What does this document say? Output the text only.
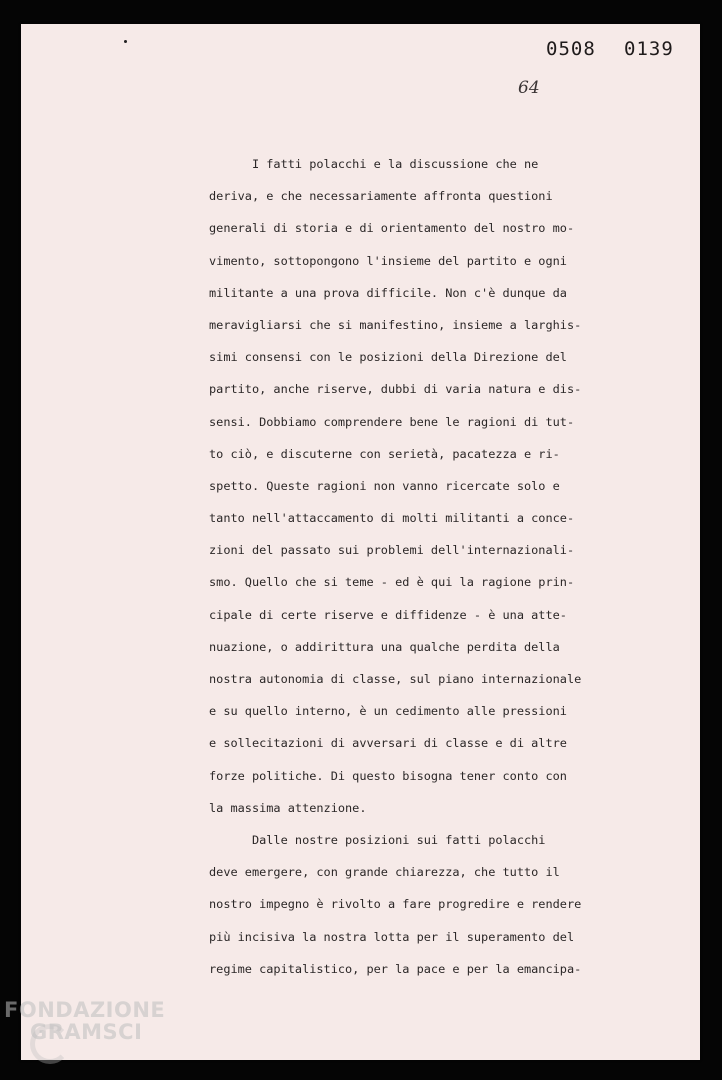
0508 0139
64
I fatti polacchi e la discussione che ne
deriva, e che necessariamente affronta questioni
generali di storia e di orientamento del nostro mo-
vimento, sottopongono l'insieme del partito e ogni
militante a una prova difficile. Non c'è dunque da
meravigliarsi che si manifestino, insieme a larghis-
simi consensi con le posizioni della Direzione del
partito, anche riserve, dubbi di varia natura e dis-
sensi. Dobbiamo comprendere bene le ragioni di tut-
to ciò, e discuterne con serietà, pacatezza e ri-
spetto. Queste ragioni non vanno ricercate solo e
tanto nell'attaccamento di molti militanti a conce-
zioni del passato sui problemi dell'internazionali-
smo. Quello che si teme - ed è qui la ragione prin-
cipale di certe riserve e diffidenze - è una atte-
nuazione, o addirittura una qualche perdita della
nostra autonomia di classe, sul piano internazionale
e su quello interno, è un cedimento alle pressioni
e sollecitazioni di avversari di classe e di altre
forze politiche. Di questo bisogna tener conto con
la massima attenzione.
Dalle nostre posizioni sui fatti polacchi
deve emergere, con grande chiarezza, che tutto il
nostro impegno è rivolto a fare progredire e rendere
più incisiva la nostra lotta per il superamento del
regime capitalistico, per la pace e per la emancipa-
FONDAZIONE
GRAMSCI
